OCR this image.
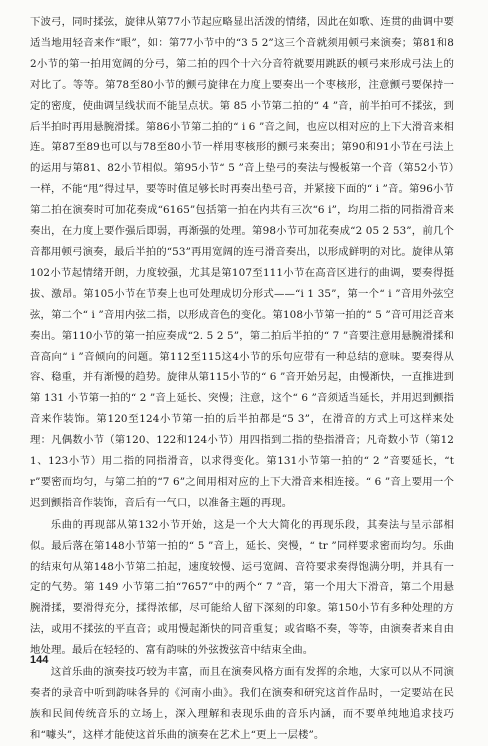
下波弓，同时揉弦，旋律从第77小节起应略显出活泼的情绪，因此在如歌、连贯的曲调中要适当地用轻音来作“眼”，如：第77小节中的“3 5 2”这三个音就须用顿弓来演奏；第81和82小节的第一拍用宽阔的分弓，第二拍的四个十六分音符就要用跳跃的顿弓来形成弓法上的对比了。等等。第78至80小节的颤弓旋律在力度上要奏出一个枣核形，注意颤弓要保持一定的密度，使曲调呈线状而不能呈点状。第 85 小节第二拍的“ 4 ”音，前半拍可不揉弦，到后半拍时再用悬腕滑揉。第86小节第二拍的“ i 6 ”音之间，也应以相对应的上下大滑音来相连。第87至89也可以与78至80小节一样用枣核形的颤弓来奏出；第90和91小节在弓法上的运用与第81、82小节相似。第95小节“ 5 ”音上垫弓的奏法与慢板第一个音（第52小节）一样，不能“甩”得过早，要等时值足够长时再奏出垫弓音，并紧接下面的“ i ”音。第96小节第二拍在演奏时可加花奏成“6165”包括第一拍在内共有三次“6 i”，均用二指的同指滑音来奏出，在力度上要作强后即弱，再渐强的处理。第98小节可加花奏成“2 05 2 53”，前几个音都用顿弓演奏，最后半拍的“53”再用宽阔的连弓滑音奏出，以形成鲜明的对比。旋律从第102小节起情绪开朗，力度较强，尤其是第107至111小节在高音区进行的曲调，要奏得挺拔、激昂。第105小节在节奏上也可处理成切分形式——“i 1 35”，第一个“ i ”音用外弦空弦，第二个“ i ”音用内弦二指，以形成音色的变化。第108小节第一拍的“ 5 ”音可用泛音来奏出。第110小节的第一拍应奏成“2. 5 2 5”，第二拍后半拍的“ 7 ”音要注意用悬腕滑揉和音高向“ i ”音倾向的问题。第112至115这4小节的乐句应带有一种总结的意味。要奏得从容、稳重，并有渐慢的趋势。旋律从第115小节的“ 6 ”音开始另起，由慢渐快，一直推进到第 131 小节第一拍的“ 2 ”音上延长、突慢；注意，这个“ 6 ”音须适当延长，并用迟到颤指音来作装饰。第120至124小节第一拍的后半拍都是“5 3”，在滑音的方式上可这样来处理：凡偶数小节（第120、122和124小节）用四指到二指的垫指滑音；凡奇数小节（第121、123小节）用二指的同指滑音，以求得变化。第131小节第一拍的“ 2 ”音要延长，“tr”要密而均匀，与第二拍的“7 6”之间用相对应的上下大滑音来相连接。“ 6 ”音上要用一个迟到颤指音作装饰，音后有一气口，以准备主题的再现。

乐曲的再现部从第132小节开始，这是一个大大简化的再现乐段，其奏法与呈示部相似。最后落在第148小节第一拍的“ 5 ”音上，延长、突慢，“ tr ”同样要求密而均匀。乐曲的结束句从第148小节第二拍起，速度较慢、运弓宽阔、音符要求奏得饱满分明，并具有一定的气势。第 149 小节第二拍“7657”中的两个“ 7 ”音，第一个用大下滑音，第二个用悬腕滑揉，要滑得充分，揉得浓郁，尽可能给人留下深刻的印象。第150小节有多种处理的方法，或用不揉弦的平直音；或用慢起渐快的同音重复；或省略不奏，等等，由演奏者来自由地处理。最后在轻轻的、富有韵味的外弦拨弦音中结束全曲。

这首乐曲的演奏技巧较为丰富，而且在演奏风格方面有发挥的余地，大家可以从不同演奏者的录音中听到韵味各异的《河南小曲》。我们在演奏和研究这首作品时，一定要站在民族和民间传统音乐的立场上，深入理解和表现乐曲的音乐内涵，而不要单纯地追求技巧和“噱头”，这样才能使这首乐曲的演奏在艺术上“更上一层楼”。

144
